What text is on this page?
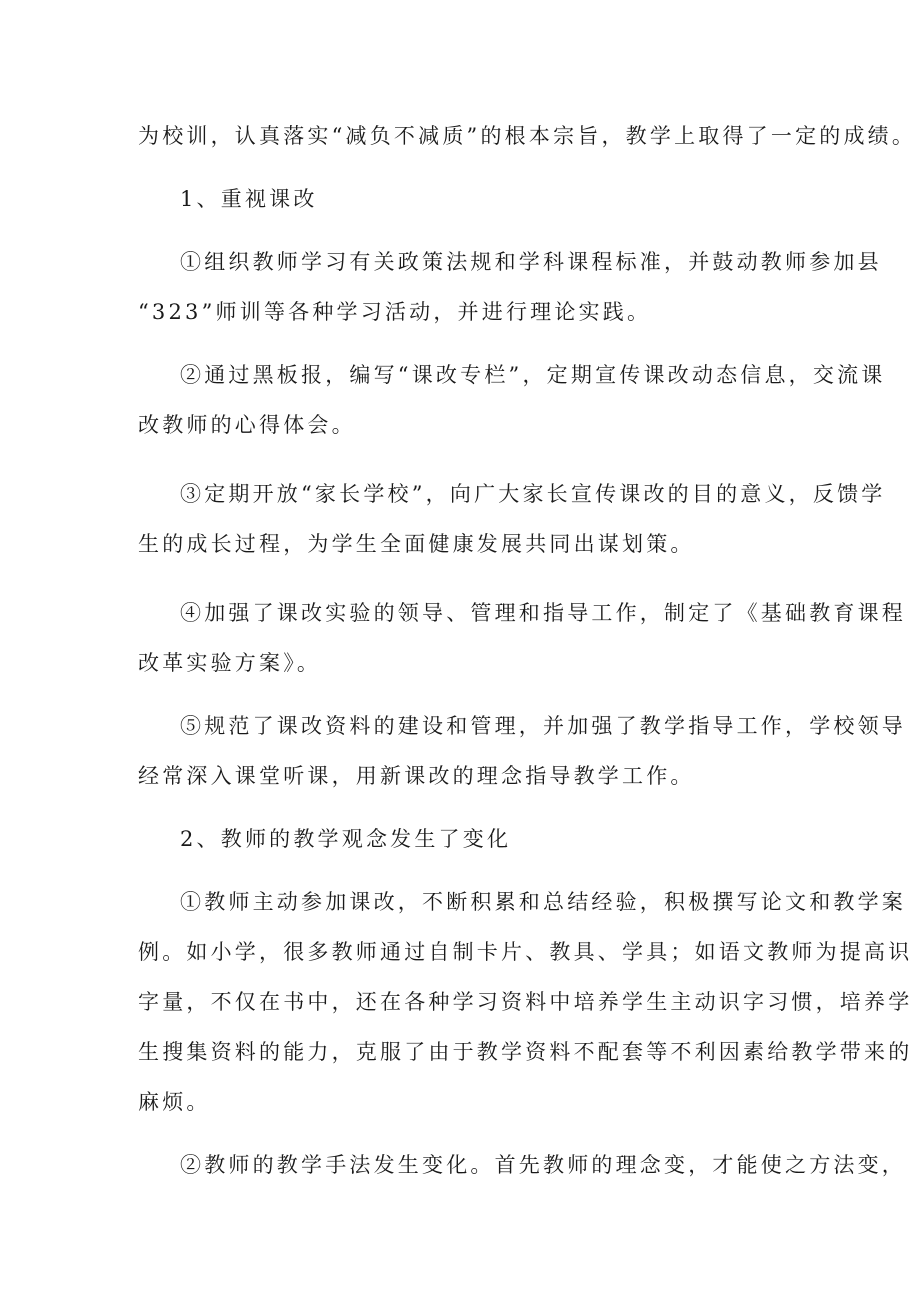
为校训，认真落实“减负不减质”的根本宗旨，教学上取得了一定的成绩。

1、重视课改

①组织教师学习有关政策法规和学科课程标准，并鼓动教师参加县

“323”师训等各种学习活动，并进行理论实践。

②通过黑板报，编写“课改专栏”，定期宣传课改动态信息，交流课

改教师的心得体会。

③定期开放“家长学校”，向广大家长宣传课改的目的意义，反馈学

生的成长过程，为学生全面健康发展共同出谋划策。

④加强了课改实验的领导、管理和指导工作，制定了《基础教育课程

改革实验方案》。

⑤规范了课改资料的建设和管理，并加强了教学指导工作，学校领导

经常深入课堂听课，用新课改的理念指导教学工作。

2、教师的教学观念发生了变化

①教师主动参加课改，不断积累和总结经验，积极撰写论文和教学案

例。如小学，很多教师通过自制卡片、教具、学具；如语文教师为提高识

字量，不仅在书中，还在各种学习资料中培养学生主动识字习惯，培养学

生搜集资料的能力，克服了由于教学资料不配套等不利因素给教学带来的

麻烦。

②教师的教学手法发生变化。首先教师的理念变，才能使之方法变，
